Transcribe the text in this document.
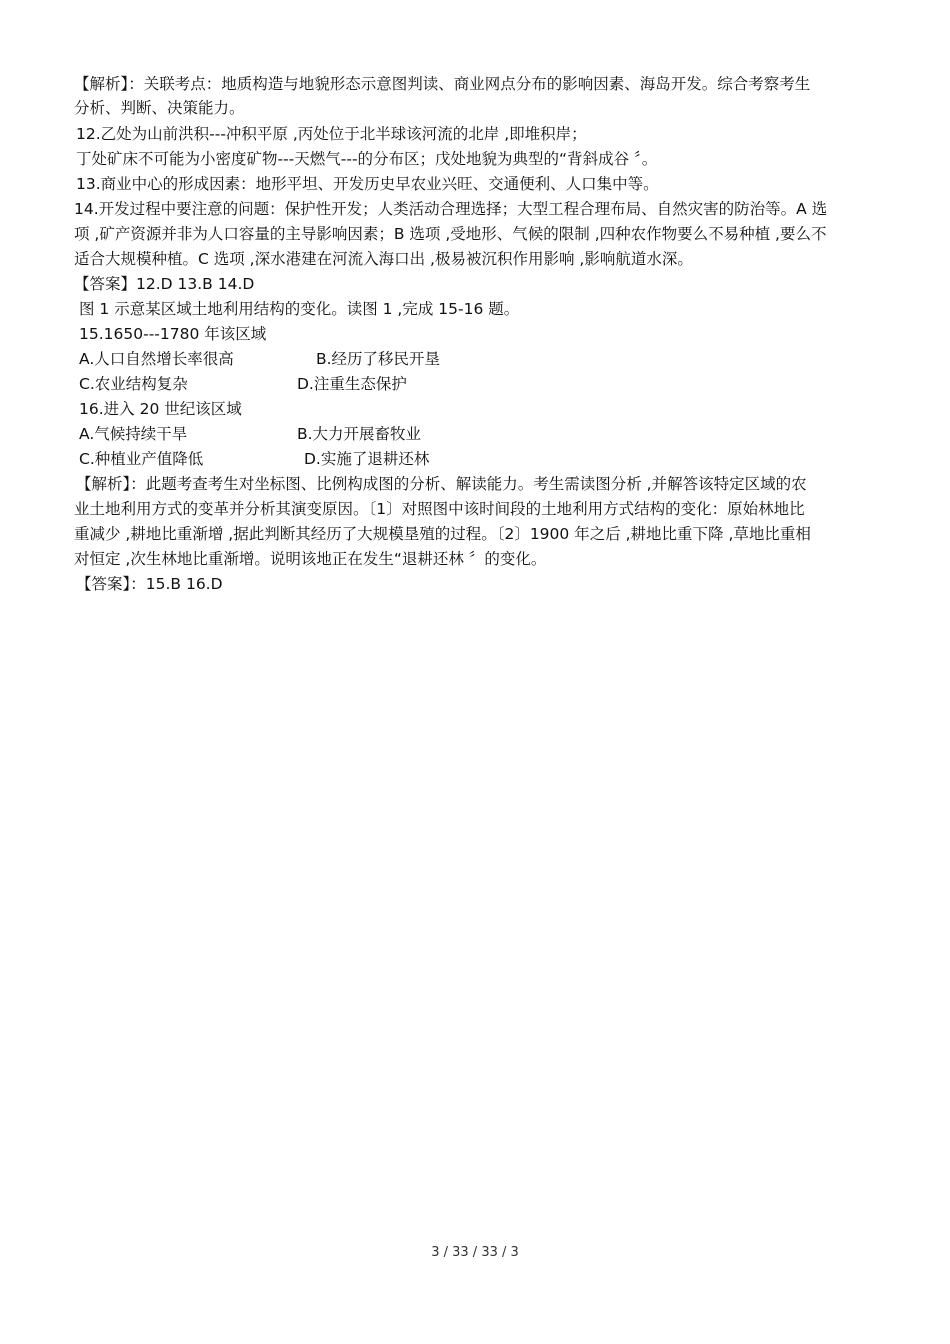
【解析】：关联考点：地质构造与地貌形态示意图判读、商业网点分布的影响因素、海岛开发。综合考察考生
分析、判断、决策能力。
12.乙处为山前洪积---冲积平原 ,丙处位于北半球该河流的北岸 ,即堆积岸；
丁处矿床不可能为小密度矿物---天燃气---的分布区；戊处地貌为典型的“背斜成谷 〞。
13.商业中心的形成因素：地形平坦、开发历史早农业兴旺、交通便利、人口集中等。
14.开发过程中要注意的问题：保护性开发；人类活动合理选择；大型工程合理布局、自然灾害的防治等。A 选
项 ,矿产资源并非为人口容量的主导影响因素；B 选项 ,受地形、气候的限制 ,四种农作物要么不易种植 ,要么不
适合大规模种植。C 选项 ,深水港建在河流入海口出 ,极易被沉积作用影响 ,影响航道水深。
【答案】12.D 13.B 14.D
图 1 示意某区域土地利用结构的变化。读图 1 ,完成 15-16 题。
15.1650---1780 年该区域
A.人口自然增长率很高	B.经历了移民开垦
C.农业结构复杂	D.注重生态保护
16.进入 20 世纪该区域
A.气候持续干旱	B.大力开展畜牧业
C.种植业产值降低	D.实施了退耕还林
【解析】：此题考查考生对坐标图、比例构成图的分析、解读能力。考生需读图分析 ,并解答该特定区域的农
业土地利用方式的变革并分析其演变原因。〔1〕对照图中该时间段的土地利用方式结构的变化：原始林地比
重减少 ,耕地比重渐增 ,据此判断其经历了大规模垦殖的过程。〔2〕1900 年之后 ,耕地比重下降 ,草地比重相
对恒定 ,次生林地比重渐增。说明该地正在发生“退耕还林 〞的变化。
【答案】：15.B 16.D
3 / 33 / 33 / 3
